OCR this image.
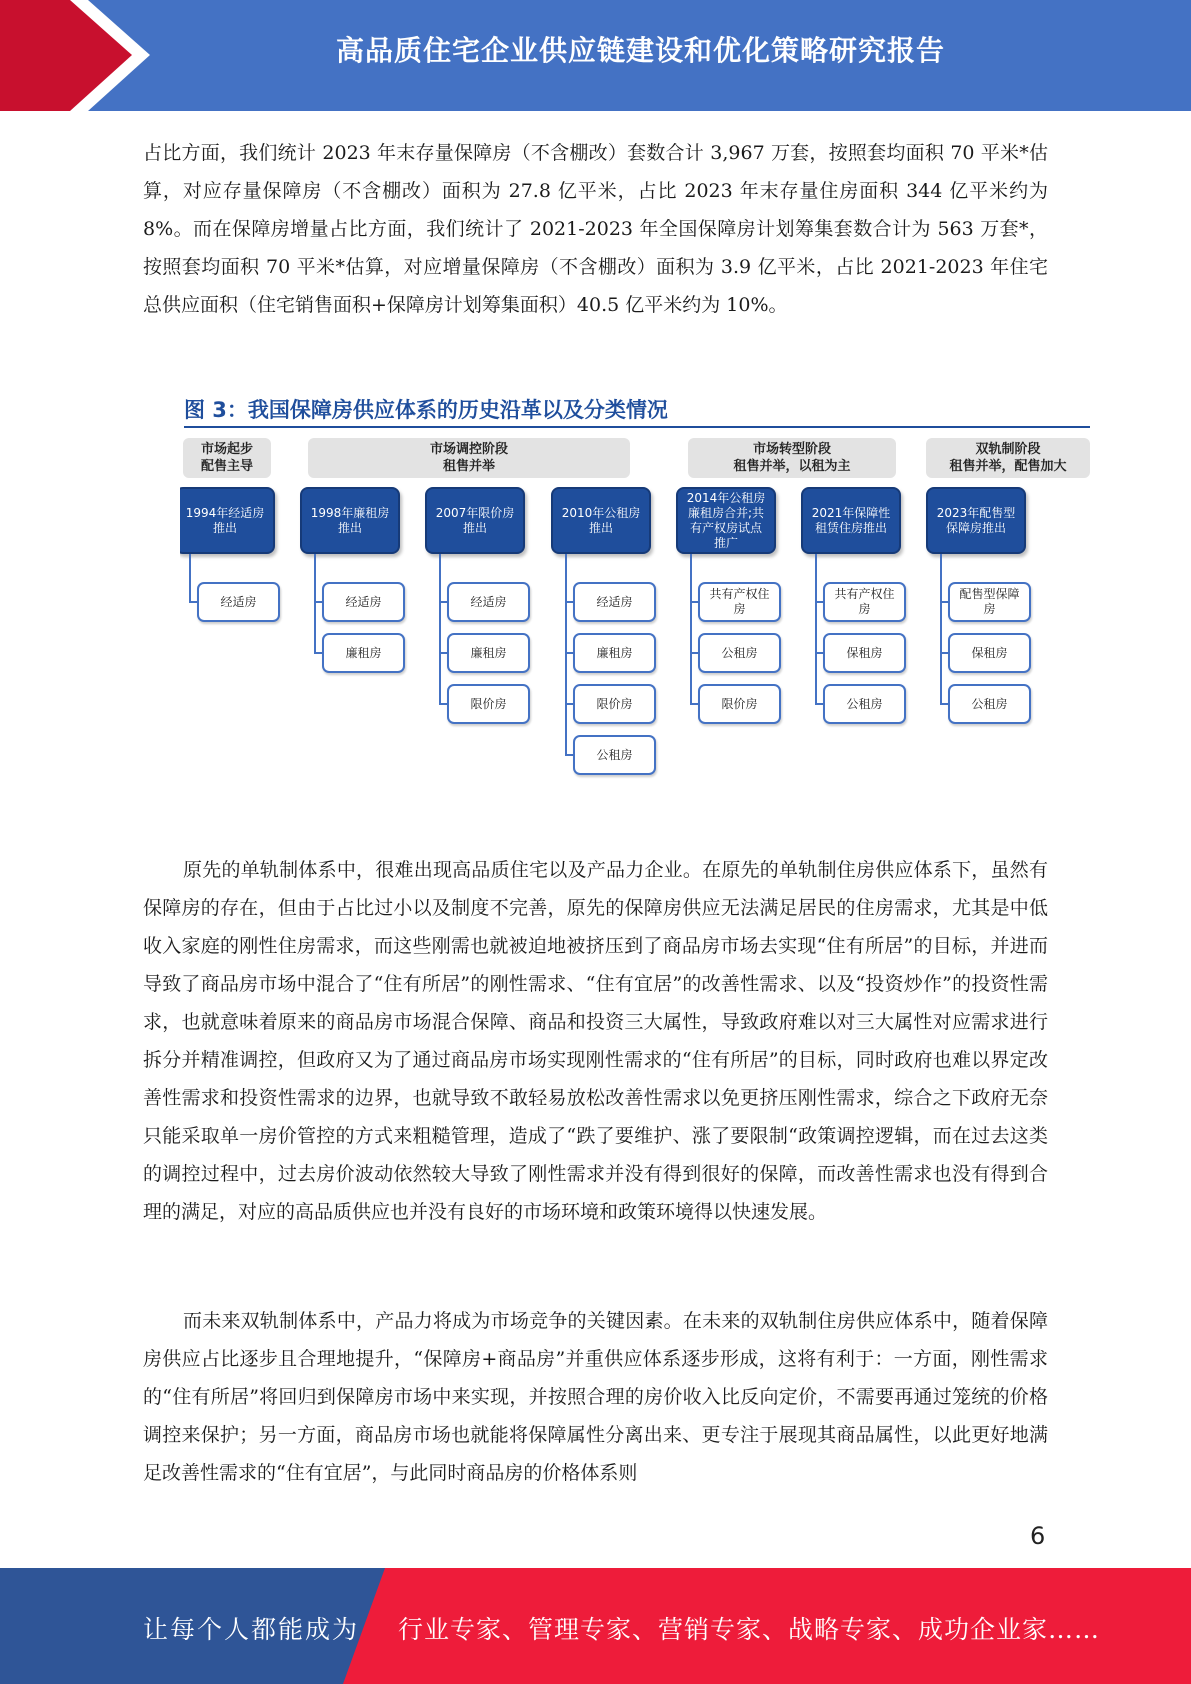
高品质住宅企业供应链建设和优化策略研究报告

占比方面，我们统计 2023 年末存量保障房（不含棚改）套数合计 3,967 万套，按照套均面积 70 平米*估算，对应存量保障房（不含棚改）面积为 27.8 亿平米，占比 2023 年末存量住房面积 344 亿平米约为 8%。而在保障房增量占比方面，我们统计了 2021-2023 年全国保障房计划筹集套数合计为 563 万套*，按照套均面积 70 平米*估算，对应增量保障房（不含棚改）面积为 3.9 亿平米，占比 2021-2023 年住宅总供应面积（住宅销售面积+保障房计划筹集面积）40.5 亿平米约为 10%。

图 3：我国保障房供应体系的历史沿革以及分类情况
市场起步
配售主导
市场调控阶段
租售并举
市场转型阶段
租售并举，以租为主
双轨制阶段
租售并举，配售加大
1994年经适房推出
经适房
1998年廉租房推出
经适房
廉租房
2007年限价房推出
经适房
廉租房
限价房
2010年公租房推出
经适房
廉租房
限价房
公租房
2014年公租房廉租房合并;共有产权房试点推广
共有产权住房
公租房
限价房
2021年保障性租赁住房推出
共有产权住房
保租房
公租房
2023年配售型保障房推出
配售型保障房
保租房
公租房

原先的单轨制体系中，很难出现高品质住宅以及产品力企业。在原先的单轨制住房供应体系下，虽然有保障房的存在，但由于占比过小以及制度不完善，原先的保障房供应无法满足居民的住房需求，尤其是中低收入家庭的刚性住房需求，而这些刚需也就被迫地被挤压到了商品房市场去实现“住有所居”的目标，并进而导致了商品房市场中混合了“住有所居”的刚性需求、“住有宜居”的改善性需求、以及“投资炒作”的投资性需求，也就意味着原来的商品房市场混合保障、商品和投资三大属性，导致政府难以对三大属性对应需求进行拆分并精准调控，但政府又为了通过商品房市场实现刚性需求的“住有所居”的目标，同时政府也难以界定改善性需求和投资性需求的边界，也就导致不敢轻易放松改善性需求以免更挤压刚性需求，综合之下政府无奈只能采取单一房价管控的方式来粗糙管理，造成了“跌了要维护、涨了要限制“政策调控逻辑，而在过去这类的调控过程中，过去房价波动依然较大导致了刚性需求并没有得到很好的保障，而改善性需求也没有得到合理的满足，对应的高品质供应也并没有良好的市场环境和政策环境得以快速发展。

而未来双轨制体系中，产品力将成为市场竞争的关键因素。在未来的双轨制住房供应体系中，随着保障房供应占比逐步且合理地提升，“保障房+商品房”并重供应体系逐步形成，这将有利于：一方面，刚性需求的“住有所居”将回归到保障房市场中来实现，并按照合理的房价收入比反向定价，不需要再通过笼统的价格调控来保护；另一方面，商品房市场也就能将保障属性分离出来、更专注于展现其商品属性，以此更好地满足改善性需求的“住有宜居”，与此同时商品房的价格体系则

6
让每个人都能成为 行业专家、管理专家、营销专家、战略专家、成功企业家……
